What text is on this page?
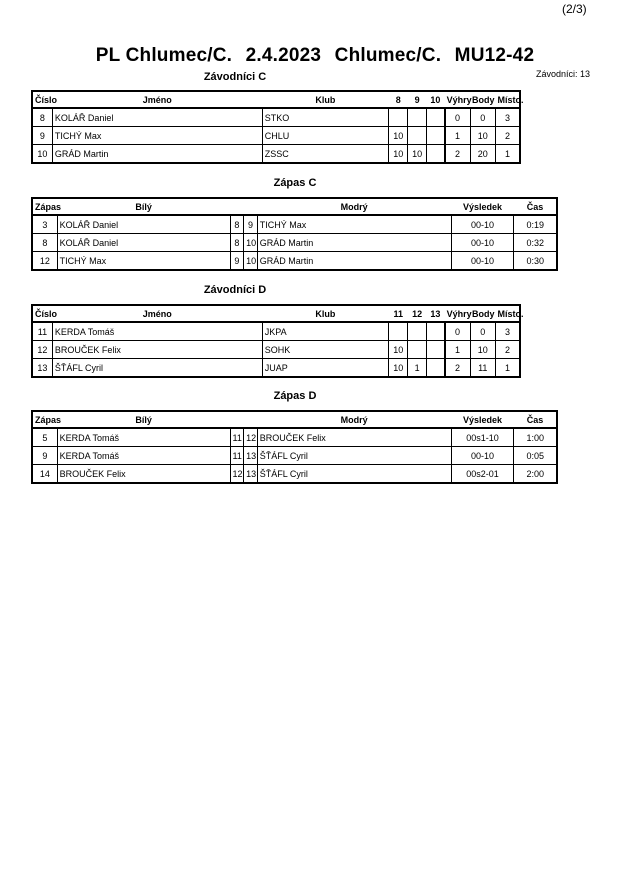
(2/3)
PL Chlumec/C. 2.4.2023 Chlumec/C. MU12-42
Závodníci: 13
Závodníci C
Číslo	Jméno	Klub	8	9	10	Výhry	Body	Místo.
8	KOLÁŘ Daniel	STKO				0	0	3
9	TICHÝ Max	CHLU	10			1	10	2
10	GRÁD Martin	ZSSC	10	10		2	20	1
Zápas C
Zápas	Bílý			Modrý	Výsledek	Čas
3	KOLÁŘ Daniel	8	9	TICHÝ Max	00-10	0:19
8	KOLÁŘ Daniel	8	10	GRÁD Martin	00-10	0:32
12	TICHÝ Max	9	10	GRÁD Martin	00-10	0:30
Závodníci D
Číslo	Jméno	Klub	11	12	13	Výhry	Body	Místo.
11	KERDA Tomáš	JKPA				0	0	3
12	BROUČEK Felix	SOHK	10			1	10	2
13	ŠŤÁFL Cyril	JUAP	10	1		2	11	1
Zápas D
Zápas	Bílý			Modrý	Výsledek	Čas
5	KERDA Tomáš	11	12	BROUČEK Felix	00s1-10	1:00
9	KERDA Tomáš	11	13	ŠŤÁFL Cyril	00-10	0:05
14	BROUČEK Felix	12	13	ŠŤÁFL Cyril	00s2-01	2:00
